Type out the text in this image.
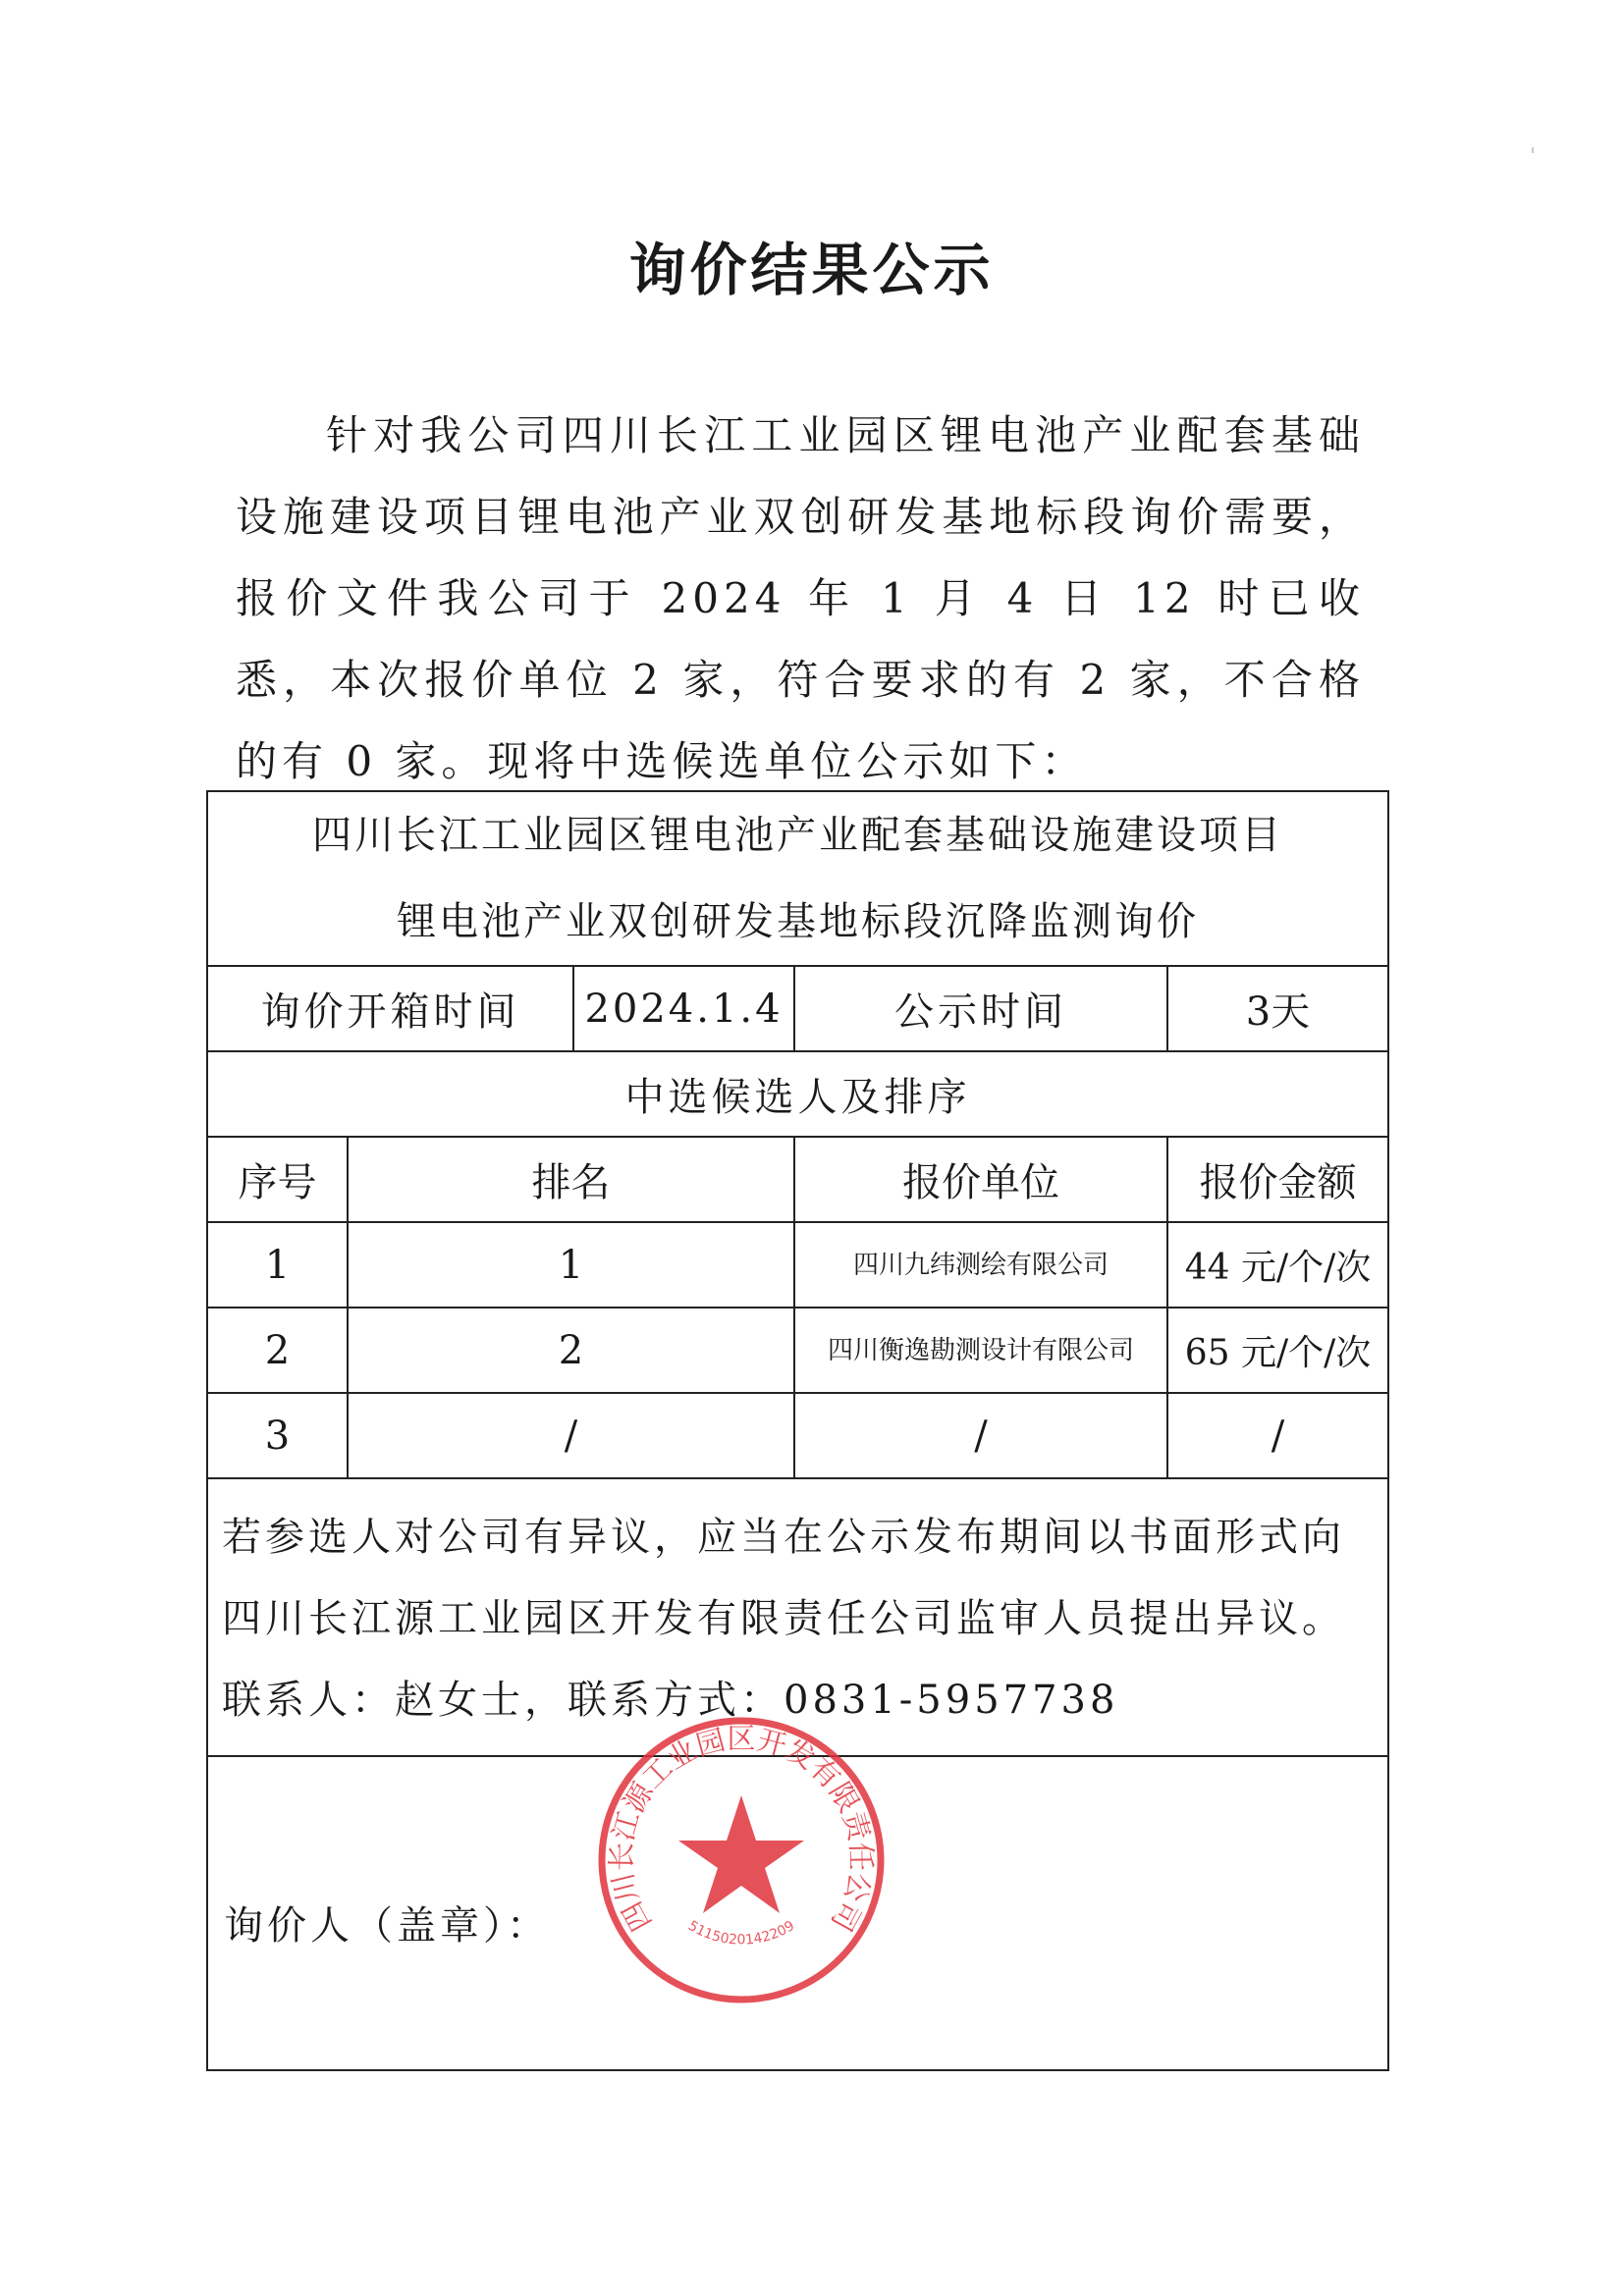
询价结果公示
针对我公司四川长江工业园区锂电池产业配套基础设施建设项目锂电池产业双创研发基地标段询价需要，报价文件我公司于 2024 年 1 月 4 日 12 时已收悉，本次报价单位 2 家，符合要求的有 2 家，不合格的有 0 家。现将中选候选单位公示如下：
四川长江工业园区锂电池产业配套基础设施建设项目
锂电池产业双创研发基地标段沉降监测询价				

询价开箱时间		2024.1.4	公示时间	3天
中选候选人及排序				
序号	排名		报价单位	报价金额
1	1		四川九纬测绘有限公司	44 元/个/次
2	2		四川衡逸勘测设计有限公司	65 元/个/次
3	/		/	/

若参选人对公司有异议，应当在公示发布期间以书面形式向
四川长江源工业园区开发有限责任公司监审人员提出异议。
联系人：赵女士，联系方式：0831-5957738				

询价人（盖章）：					四川长江源工业园区开发有限责任公司
5115020142209
